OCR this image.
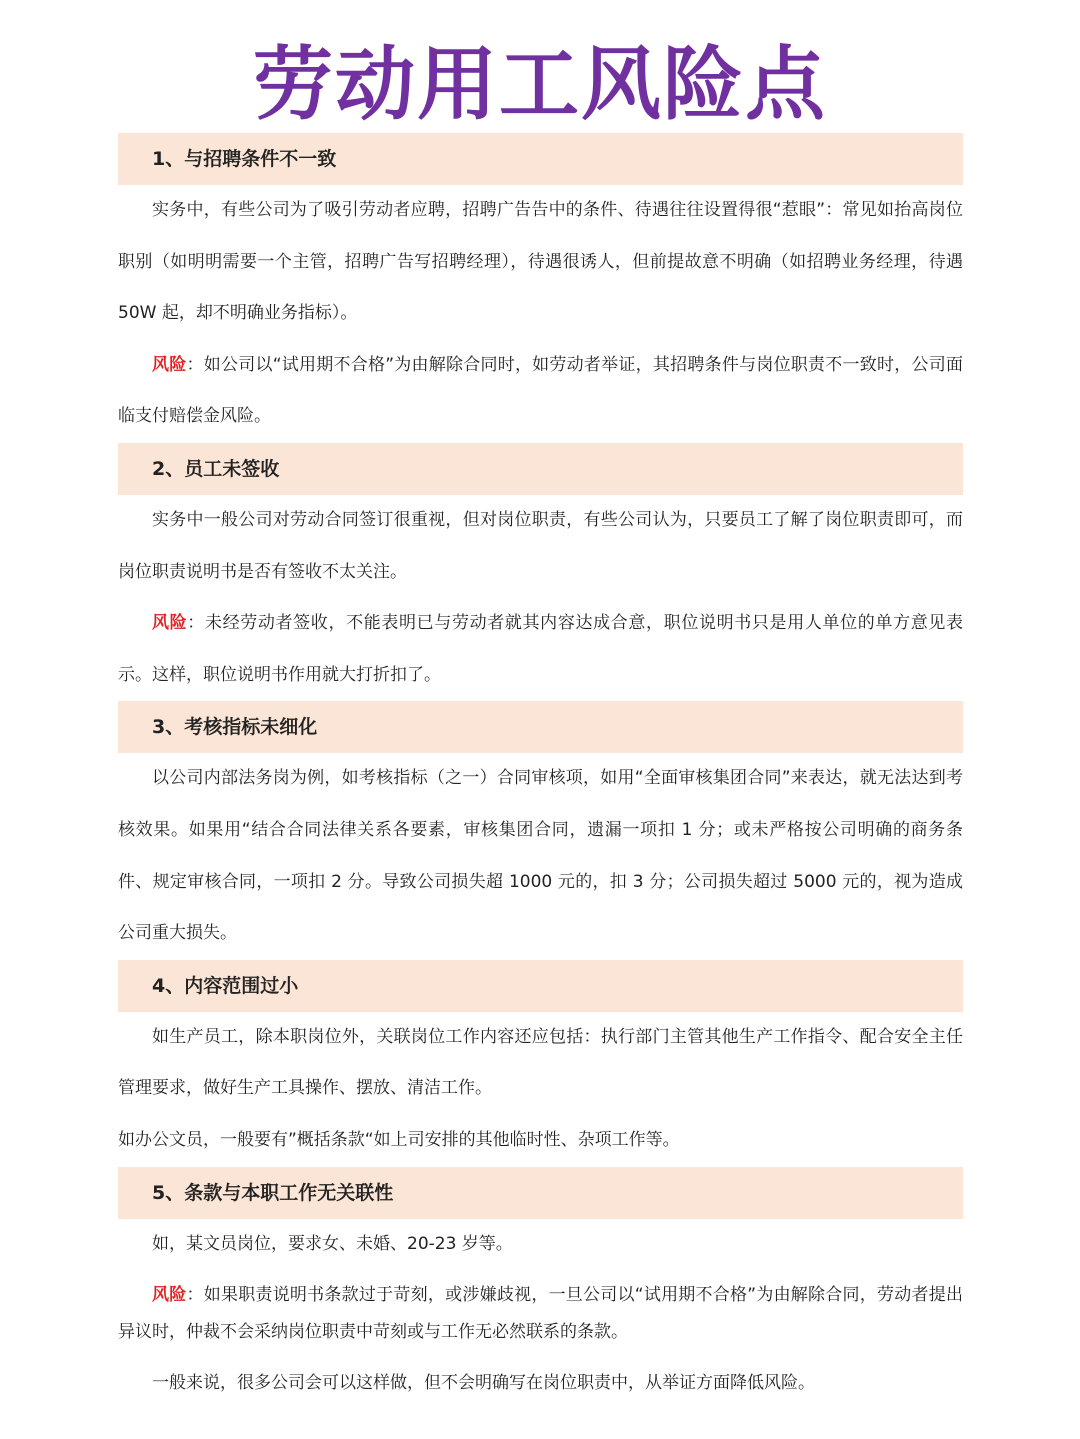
劳动用工风险点
1、与招聘条件不一致

实务中，有些公司为了吸引劳动者应聘，招聘广告告中的条件、待遇往往设置得很“惹眼”：常见如抬高岗位职别（如明明需要一个主管，招聘广告写招聘经理），待遇很诱人，但前提故意不明确（如招聘业务经理，待遇 50W 起，却不明确业务指标）。

风险：如公司以“试用期不合格”为由解除合同时，如劳动者举证，其招聘条件与岗位职责不一致时，公司面临支付赔偿金风险。

2、员工未签收

实务中一般公司对劳动合同签订很重视，但对岗位职责，有些公司认为，只要员工了解了岗位职责即可，而岗位职责说明书是否有签收不太关注。

风险：未经劳动者签收，不能表明已与劳动者就其内容达成合意，职位说明书只是用人单位的单方意见表示。这样，职位说明书作用就大打折扣了。

3、考核指标未细化

以公司内部法务岗为例，如考核指标（之一）合同审核项，如用“全面审核集团合同”来表达，就无法达到考核效果。如果用“结合合同法律关系各要素，审核集团合同，遗漏一项扣 1 分；或未严格按公司明确的商务条件、规定审核合同，一项扣 2 分。导致公司损失超 1000 元的，扣 3 分；公司损失超过 5000 元的，视为造成公司重大损失。

4、内容范围过小

如生产员工，除本职岗位外，关联岗位工作内容还应包括：执行部门主管其他生产工作指令、配合安全主任管理要求，做好生产工具操作、摆放、清洁工作。

如办公文员，一般要有”概括条款“如上司安排的其他临时性、杂项工作等。

5、条款与本职工作无关联性

如，某文员岗位，要求女、未婚、20-23 岁等。

风险：如果职责说明书条款过于苛刻，或涉嫌歧视，一旦公司以“试用期不合格”为由解除合同，劳动者提出异议时，仲裁不会采纳岗位职责中苛刻或与工作无必然联系的条款。

一般来说，很多公司会可以这样做，但不会明确写在岗位职责中，从举证方面降低风险。
